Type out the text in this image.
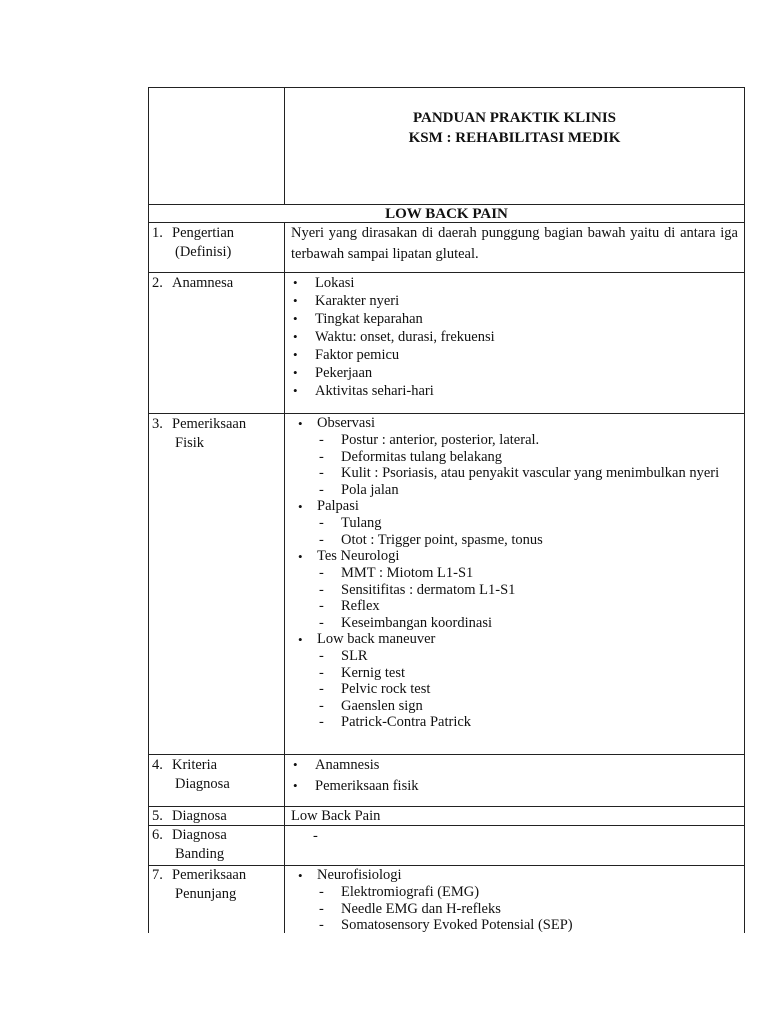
PANDUAN PRAKTIK KLINIS
KSM : REHABILITASI MEDIK
LOW BACK PAIN
1. Pengertian
(Definisi)
Nyeri yang dirasakan di daerah punggung bagian bawah yaitu di antara iga terbawah sampai lipatan gluteal.
2. Anamnesa
•	Lokasi
• Karakter nyeri
• Tingkat keparahan
• Waktu: onset, durasi, frekuensi
• Faktor pemicu
• Pekerjaan
• Aktivitas sehari-hari
3. Pemeriksaan
Fisik
• Observasi
- Postur : anterior, posterior, lateral.
- Deformitas tulang belakang
- Kulit : Psoriasis, atau penyakit vascular yang menimbulkan nyeri
- Pola jalan
• Palpasi
- Tulang
- Otot : Trigger point, spasme, tonus
• Tes Neurologi
- MMT : Miotom L1-S1
- Sensitifitas : dermatom L1-S1
- Reflex
- Keseimbangan koordinasi
• Low back maneuver
- SLR
- Kernig test
- Pelvic rock test
- Gaenslen sign
- Patrick-Contra Patrick
4. Kriteria
Diagnosa
• Anamnesis
• Pemeriksaan fisik
5. Diagnosa	Low Back Pain
6. Diagnosa
Banding
-
7. Pemeriksaan
Penunjang
• Neurofisiologi
- Elektromiografi (EMG)
- Needle EMG dan H-refleks
- Somatosensory Evoked Potensial (SEP)
